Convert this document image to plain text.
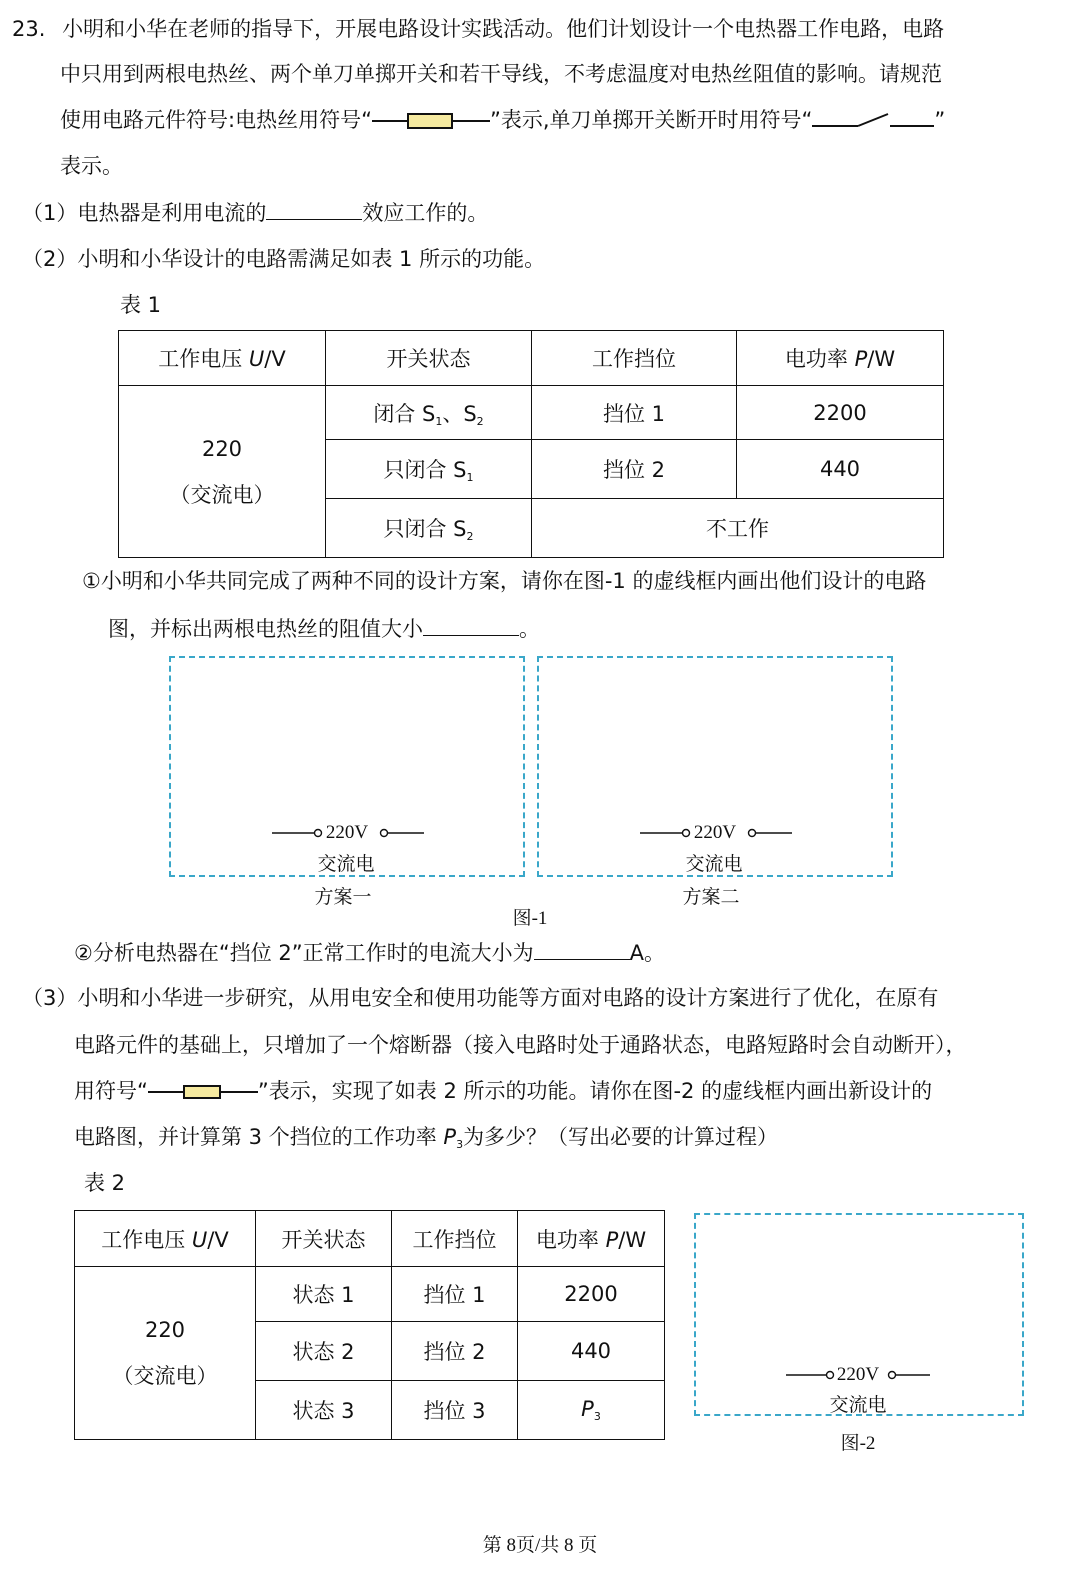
23. 小明和小华在老师的指导下，开展电路设计实践活动。他们计划设计一个电热器工作电路，电路
中只用到两根电热丝、两个单刀单掷开关和若干导线，不考虑温度对电热丝阻值的影响。请规范
使用电路元件符号:电热丝用符号“	”表示,单刀单掷开关断开时用符号“	”
表示。
（1）电热器是利用电流的	效应工作的。
（2）小明和小华设计的电路需满足如表 1 所示的功能。
表 1
工作电压 U/V	开关状态	工作挡位	电功率 P/W

220
（交流电）	闭合 $S_1$、$S_2$	挡位 1	2200
	只闭合 $S_1$	挡位 2	440
	只闭合 $S_2$	不工作	
①小明和小华共同完成了两种不同的设计方案，请你在图-1 的虚线框内画出他们设计的电路
图，并标出两根电热丝的阻值大小	。
220V
交流电
220V
交流电
方案一	方案二
图-1
②分析电热器在“挡位 2”正常工作时的电流大小为	A。
（3）小明和小华进一步研究，从用电安全和使用功能等方面对电路的设计方案进行了优化，在原有
电路元件的基础上，只增加了一个熔断器（接入电路时处于通路状态，电路短路时会自动断开），
用符号“	”表示，实现了如表 2 所示的功能。请你在图-2 的虚线框内画出新设计的
电路图，并计算第 3 个挡位的工作功率 $P_3$为多少？（写出必要的计算过程）
表 2
工作电压 U/V	开关状态	工作挡位	电功率 P/W

220
（交流电）	状态 1	挡位 1	2200
	状态 2	挡位 2	440
	状态 3	挡位 3	$P_3$
220V
交流电
图-2
第 8页/共 8 页
